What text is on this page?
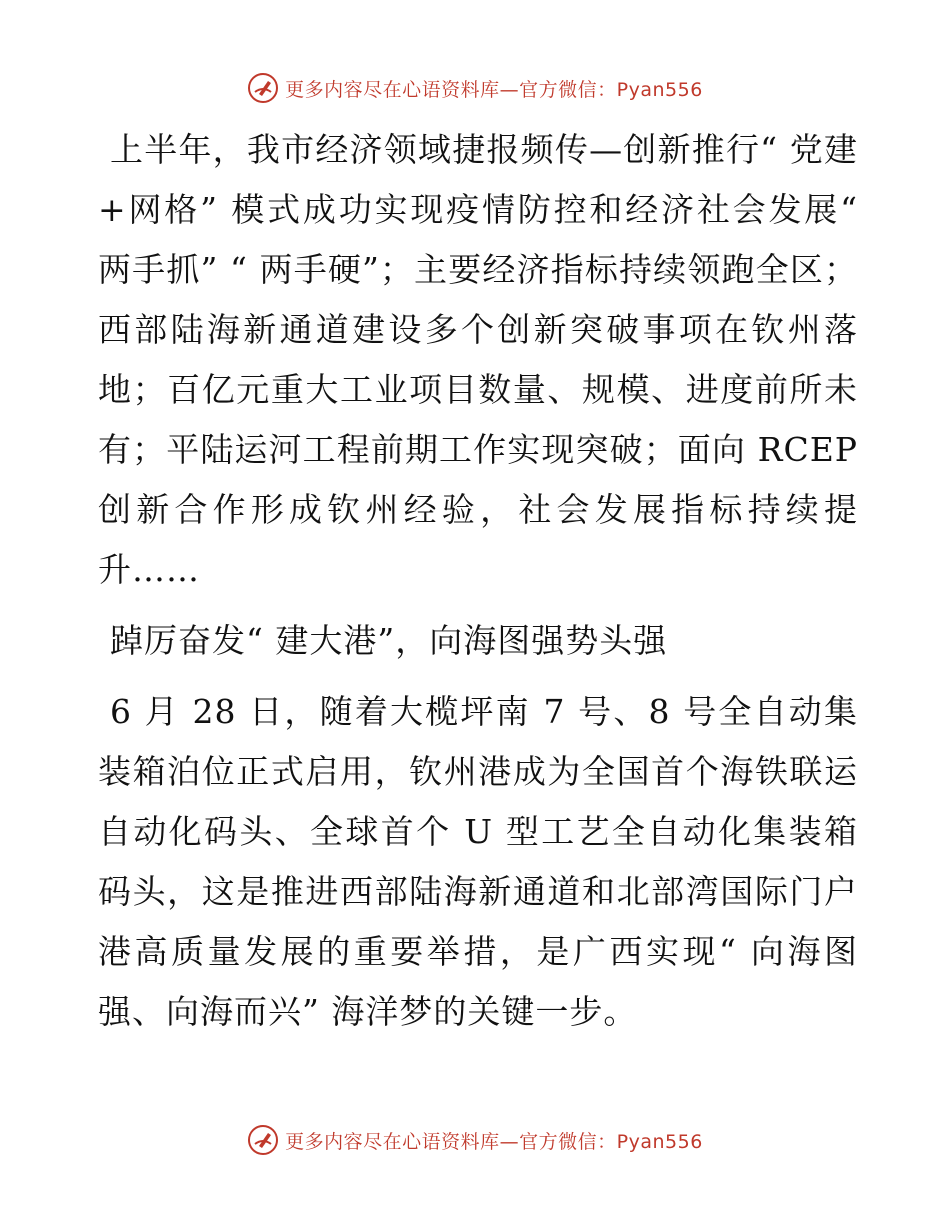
更多内容尽在心语资料库—官方微信：Pyan556

上半年，我市经济领域捷报频传—创新推行“ 党建+网格” 模式成功实现疫情防控和经济社会发展“ 两手抓” “ 两手硬”；主要经济指标持续领跑全区；西部陆海新通道建设多个创新突破事项在钦州落地；百亿元重大工业项目数量、规模、进度前所未有；平陆运河工程前期工作实现突破；面向 RCEP 创新合作形成钦州经验，社会发展指标持续提升……

踔厉奋发“ 建大港”，向海图强势头强

6 月 28 日，随着大榄坪南 7 号、8 号全自动集装箱泊位正式启用，钦州港成为全国首个海铁联运自动化码头、全球首个 U 型工艺全自动化集装箱码头，这是推进西部陆海新通道和北部湾国际门户港高质量发展的重要举措，是广西实现“ 向海图强、向海而兴” 海洋梦的关键一步。

更多内容尽在心语资料库—官方微信：Pyan556
